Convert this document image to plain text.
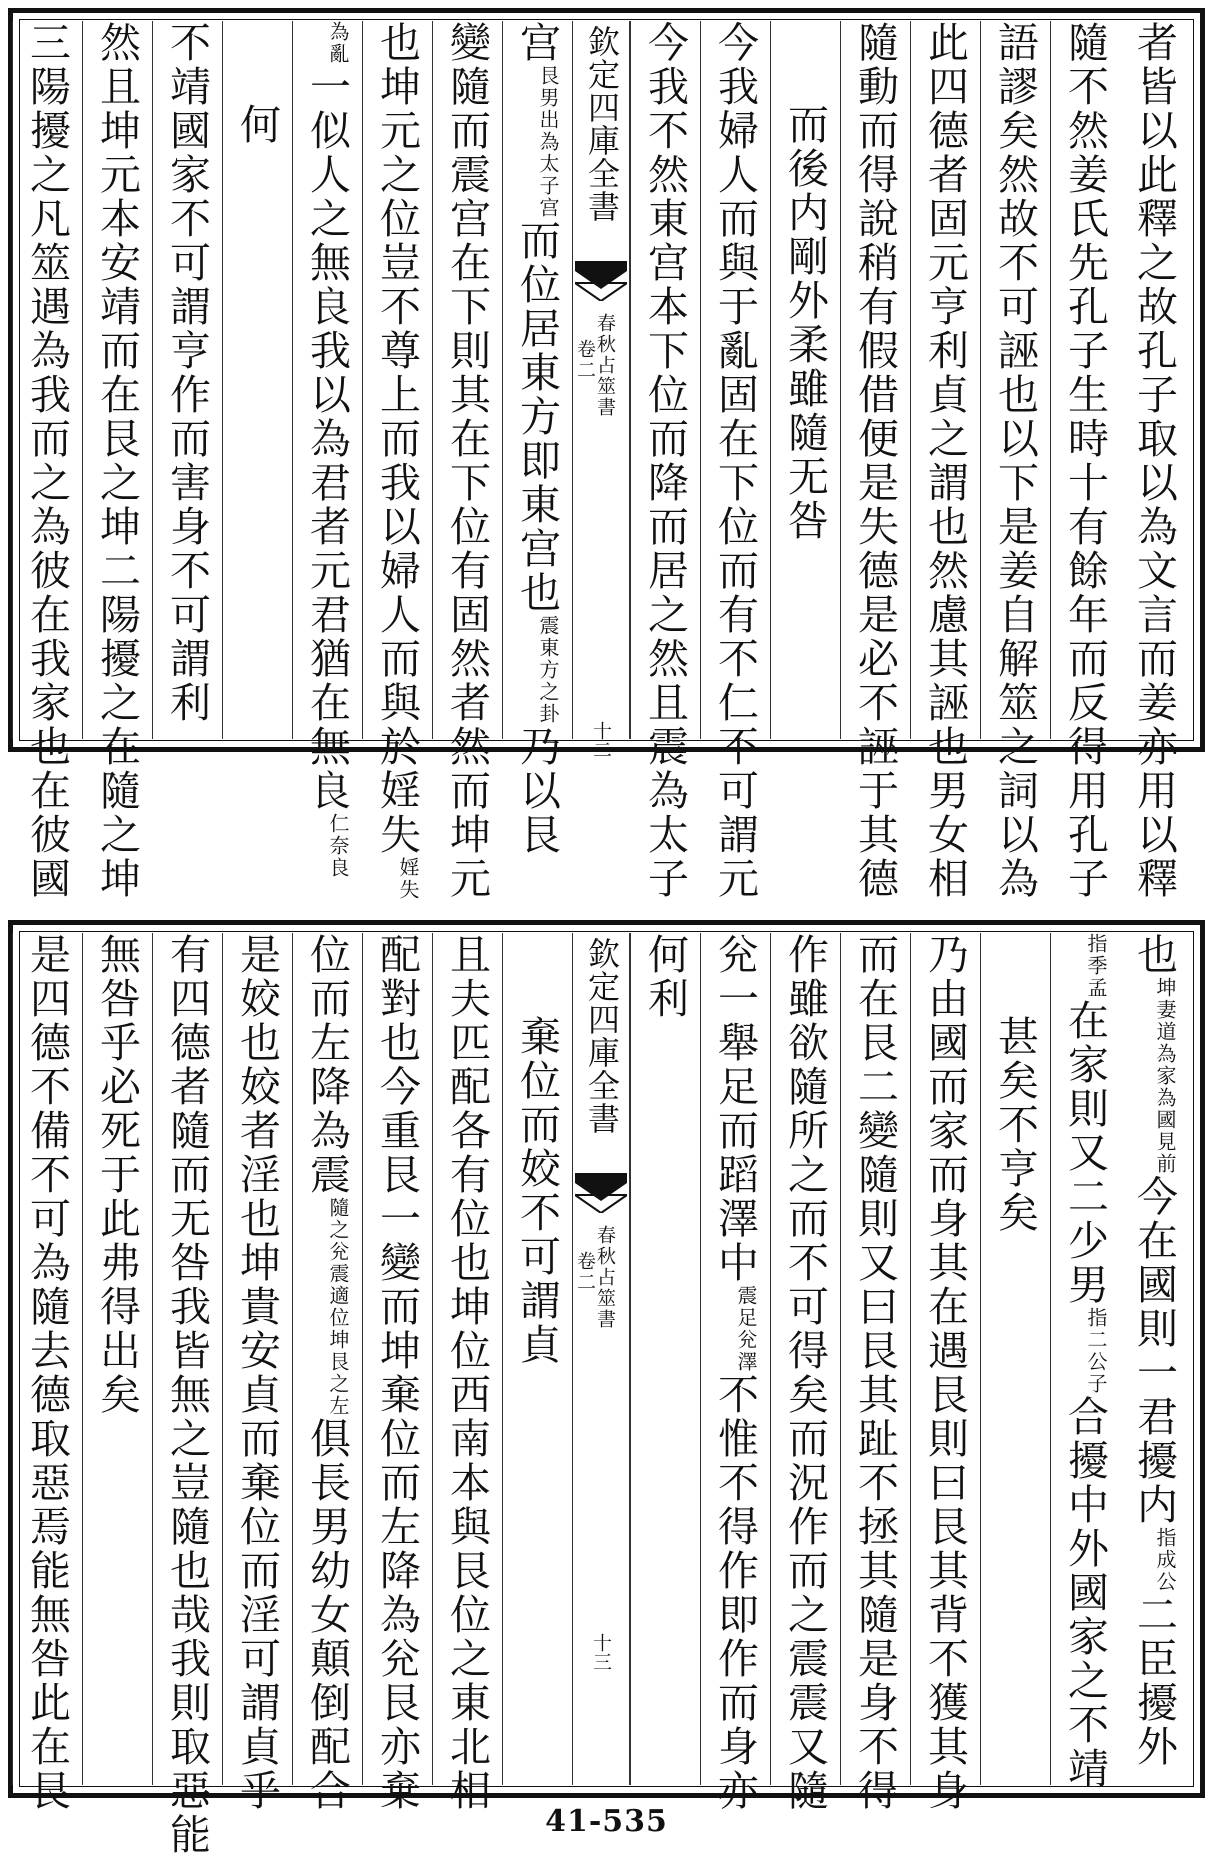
者皆以此釋之故孔子取以為文言而姜亦用以釋
隨不然姜氏先孔子生時十有餘年而反得用孔子
語謬矣然故不可誣也以下是姜自解筮之詞以為
此四德者固元亨利貞之謂也然慮其誣也男女相
隨動而得說稍有假借便是失德是必不誣于其德
而後内剛外柔雖隨无咎
今我婦人而與于亂固在下位而有不仁不可謂元
今我不然東宫本下位而降而居之然且震為太子
欽定四庫全書
春秋占筮書
卷二
十二
宫艮男出為太子宫而位居東方即東宫也震東方之卦乃以艮
變隨而震宫在下則其在下位有固然者然而坤元
也坤元之位豈不尊上而我以婦人而與於婬失婬失
為亂一似人之無良我以為君者元君猶在無良仁奈良
何
不靖國家不可謂亨作而害身不可謂利
然且坤元本安靖而在艮之坤二陽擾之在隨之坤
三陽擾之凡筮遇為我而之為彼在我家也在彼國
也坤妻道為家為國見前今在國則一君擾内指成公二臣擾外
指季孟在家則又二少男指二公子合擾中外國家之不靖
甚矣不亨矣
乃由國而家而身其在遇艮則曰艮其背不獲其身
而在艮二變隨則又曰艮其趾不拯其隨是身不得
作雖欲隨所之而不可得矣而況作而之震震又隨
兊一舉足而蹈澤中震足兊澤不惟不得作即作而身亦
何利
欽定四庫全書
春秋占筮書
卷二
十三
棄位而姣不可謂貞
且夫匹配各有位也坤位西南本與艮位之東北相
配對也今重艮一變而坤棄位而左降為兊艮亦棄
位而左降為震隨之兊震適位坤艮之左俱長男幼女顛倒配合
是姣也姣者淫也坤貴安貞而棄位而淫可謂貞乎
有四德者隨而无咎我皆無之豈隨也哉我則取惡能
無咎乎必死于此弗得出矣
是四德不備不可為隨去德取惡焉能無咎此在艮
41-535
